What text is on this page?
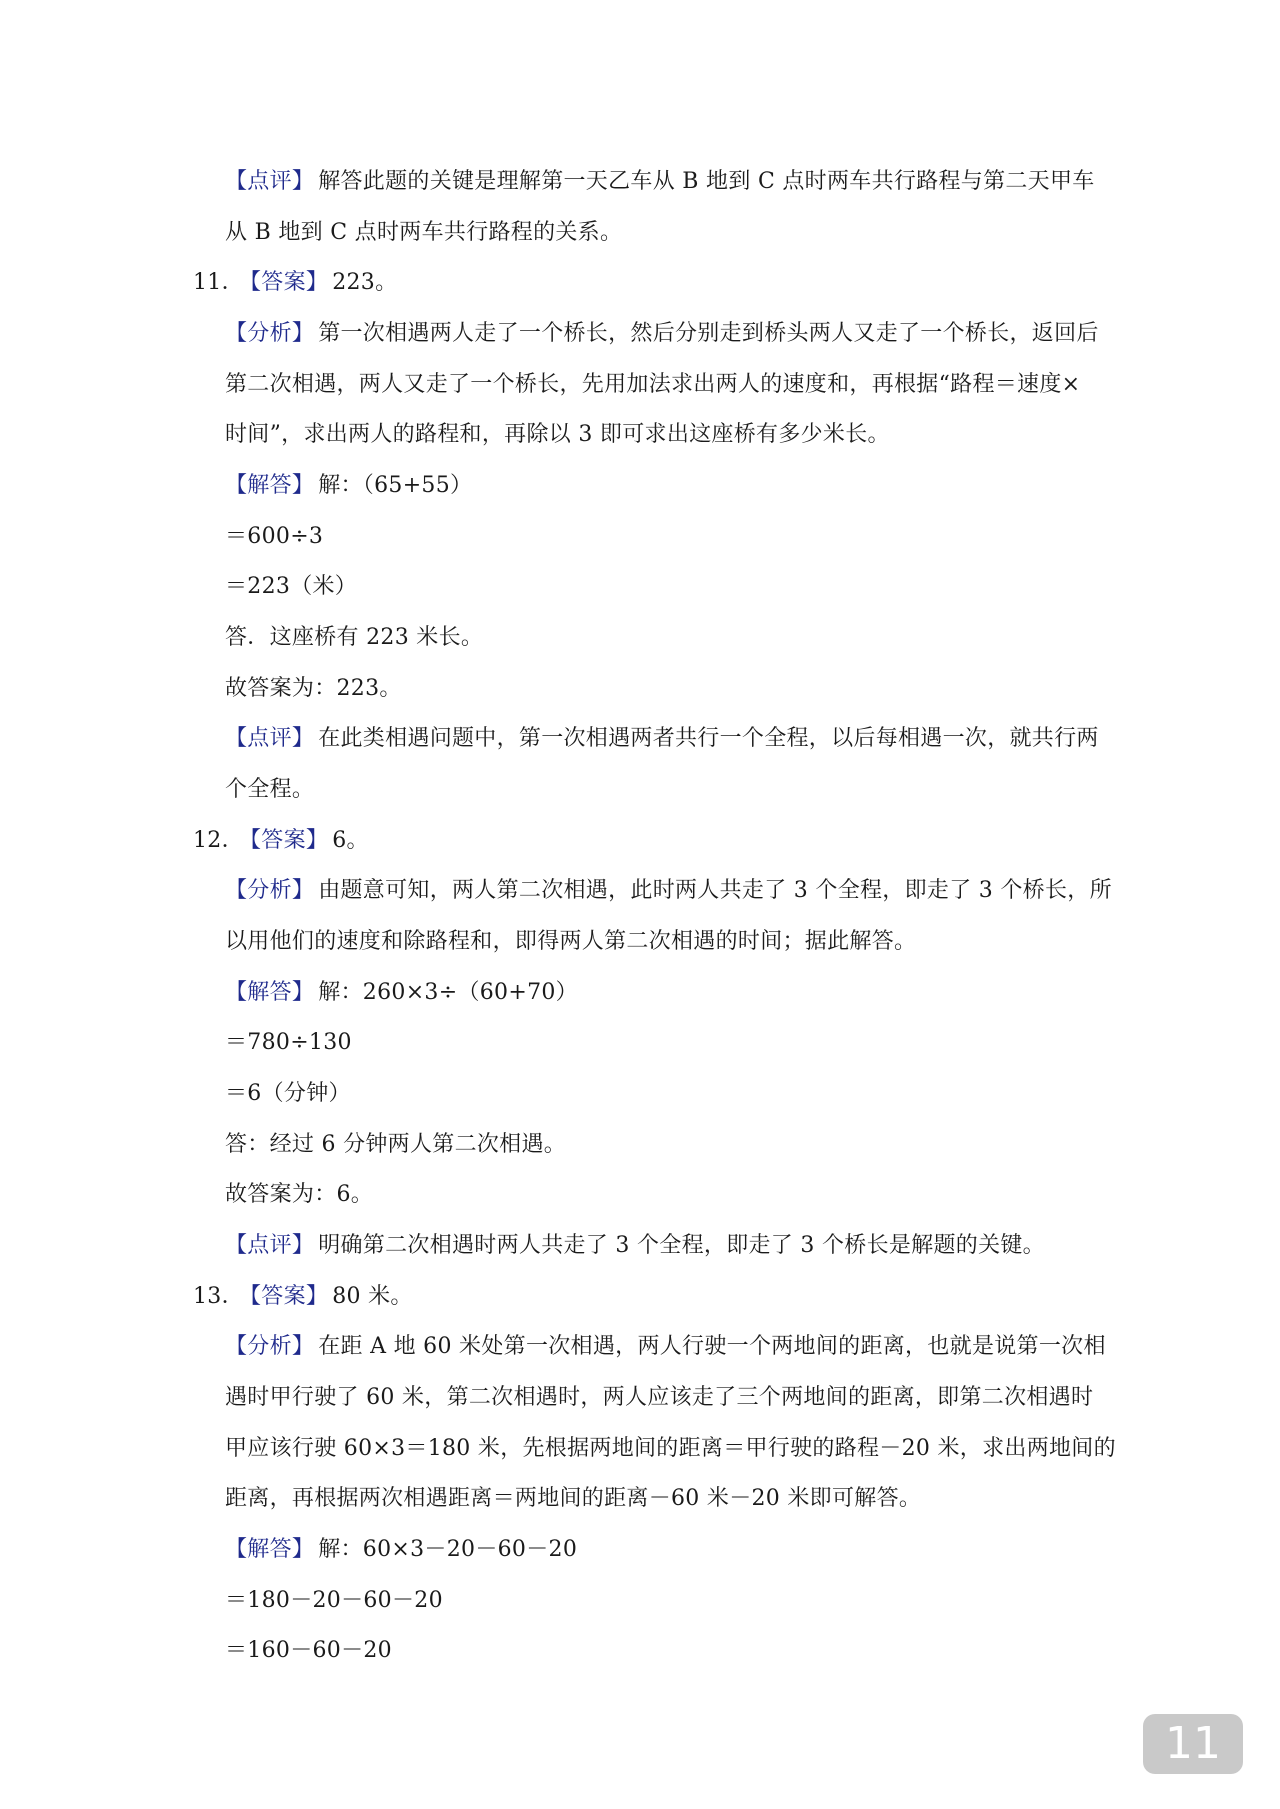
【点评】 解答此题的关键是理解第一天乙车从 B 地到 C 点时两车共行路程与第二天甲车
从 B 地到 C 点时两车共行路程的关系。
11．【答案】 223。
【分析】 第一次相遇两人走了一个桥长，然后分别走到桥头两人又走了一个桥长，返回后
第二次相遇，两人又走了一个桥长，先用加法求出两人的速度和，再根据“路程＝速度×
时间”，求出两人的路程和，再除以 3 即可求出这座桥有多少米长。
【解答】 解：（65+55）
＝600÷3
＝223（米）
答．这座桥有 223 米长。
故答案为：223。
【点评】 在此类相遇问题中，第一次相遇两者共行一个全程，以后每相遇一次，就共行两
个全程。
12．【答案】 6。
【分析】 由题意可知，两人第二次相遇，此时两人共走了 3 个全程，即走了 3 个桥长，所
以用他们的速度和除路程和，即得两人第二次相遇的时间；据此解答。
【解答】 解：260×3÷（60+70）
＝780÷130
＝6（分钟）
答：经过 6 分钟两人第二次相遇。
故答案为：6。
【点评】 明确第二次相遇时两人共走了 3 个全程，即走了 3 个桥长是解题的关键。
13．【答案】 80 米。
【分析】 在距 A 地 60 米处第一次相遇，两人行驶一个两地间的距离，也就是说第一次相
遇时甲行驶了 60 米，第二次相遇时，两人应该走了三个两地间的距离，即第二次相遇时
甲应该行驶 60×3＝180 米，先根据两地间的距离＝甲行驶的路程－20 米，求出两地间的
距离，再根据两次相遇距离＝两地间的距离－60 米－20 米即可解答。
【解答】 解：60×3－20－60－20
＝180－20－60－20
＝160－60－20
11
